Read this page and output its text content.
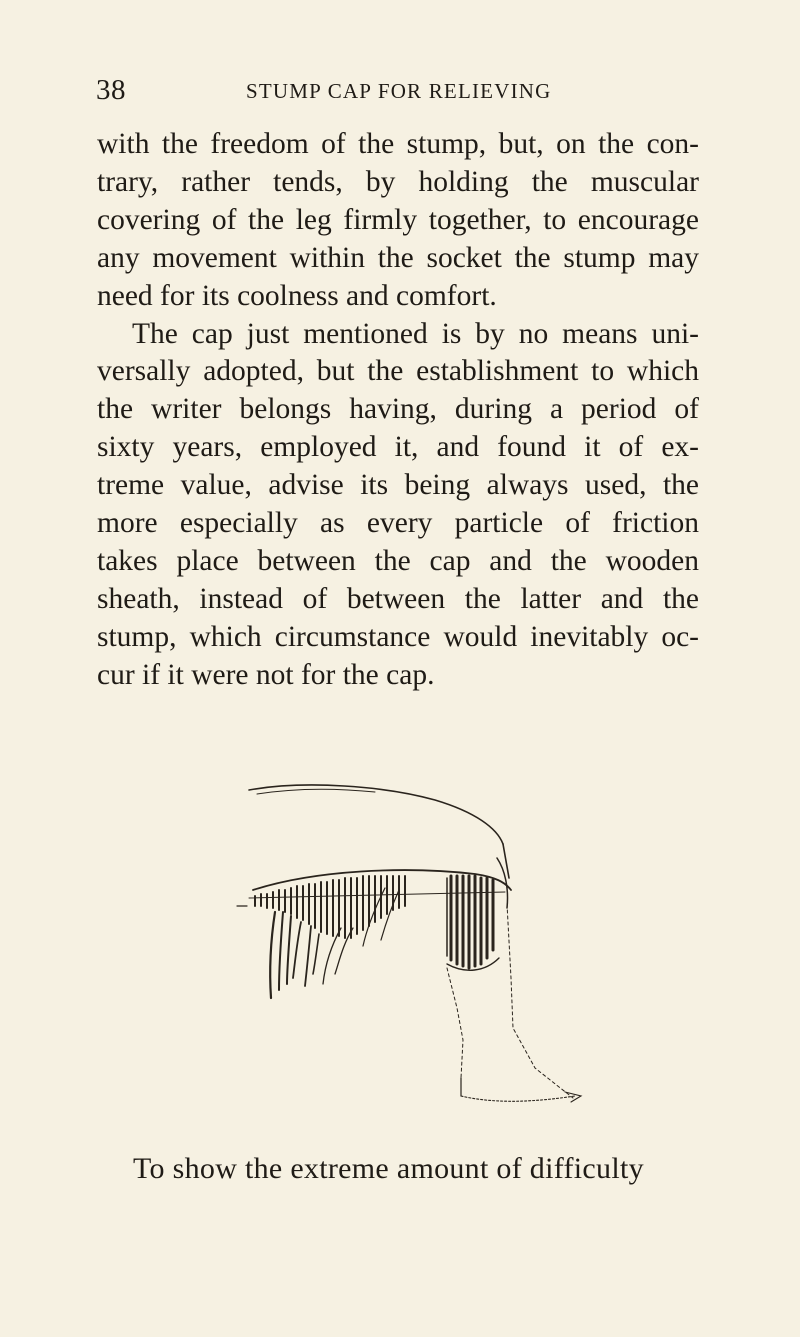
38	STUMP CAP FOR RELIEVING
with the freedom of the stump, but, on the con-
trary, rather tends, by holding the muscular
covering of the leg firmly together, to encourage
any movement within the socket the stump may
need for its coolness and comfort.
The cap just mentioned is by no means uni-
versally adopted, but the establishment to which
the writer belongs having, during a period of
sixty years, employed it, and found it of ex-
treme value, advise its being always used, the
more especially as every particle of friction
takes place between the cap and the wooden
sheath, instead of between the latter and the
stump, which circumstance would inevitably oc-
cur if it were not for the cap.
To show the extreme amount of difficulty
